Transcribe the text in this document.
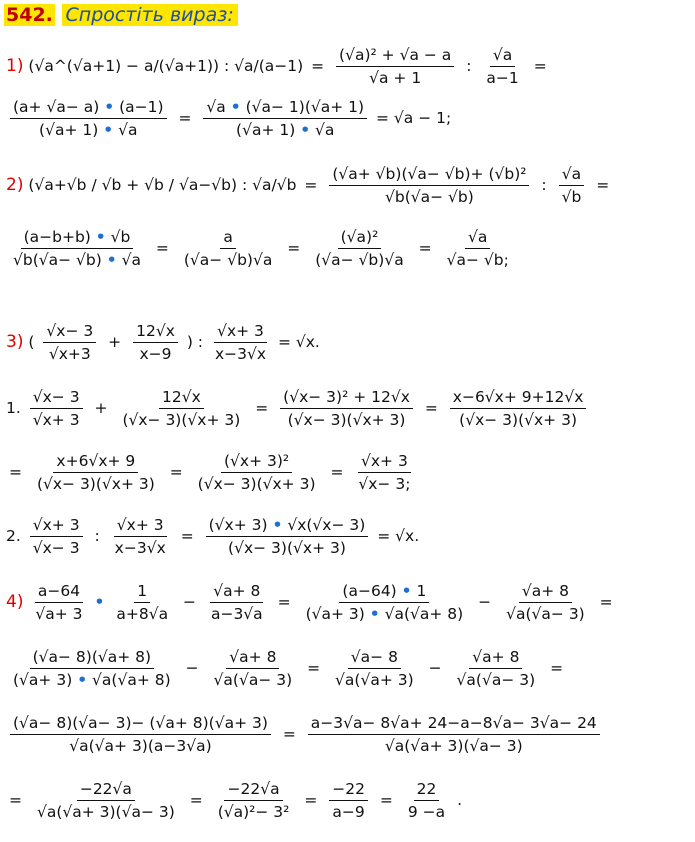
542. Спростіть вираз:
1) (√a^(√a+1) − a/(√a+1)) : $√a/(a-1) = \frac{\text{(√a)² + √a − a}}{√a + 1}$ : $\frac{√a}{a-1}$ =
$\frac{(a+ √a- a) • (a-1)}{(√a+ 1) • √a} = \frac{√a • (√a- 1)(√a+ 1)}{(√a+ 1) • √a} = √a - 1$;
2) (√a+√b / √b + √b / √a−√b) : $√a/√b = \frac{\text{(√a+ √b)(√a− √b)+ (√b)²}}{√b(√a- √b)}$ : $\frac{√a}{√b}$ =
$\frac{(a-b+b) • √b}{√b(√a- √b) • √a} = \frac{a}{(√a- √b)√a} = \frac{\text{(√a)²}}{(√a- √b)√a} = \frac{√a}{√a- √b;}$
3) ( $\frac{√x- 3}{√x+3} + \frac{12√x}{x-9}$ ) : $\frac{√x+ 3}{x-3√x} = √x$.
1. $\frac{√x- 3}{√x+ 3} + \frac{12√x}{(√x- 3)(√x+ 3)} = \frac{\text{(√x− 3)² + 12√x}}{(√x- 3)(√x+ 3)} = \frac{x-6√x+ 9+12√x}{(√x- 3)(√x+ 3)}$
= $\frac{x+6√x+ 9}{(√x- 3)(√x+ 3)} = \frac{\text{(√x+ 3)²}}{(√x- 3)(√x+ 3)} = \frac{√x+ 3}{√x- 3;}$
2. $\frac{√x+ 3}{√x- 3}$ : $\frac{√x+ 3}{x-3√x} = \frac{(√x+ 3) • √x(√x- 3)}{(√x- 3)(√x+ 3)} = √x$.
$4) \frac{a-64}{√a+ 3}$ • $\frac{1}{a+8√a} - \frac{√a+ 8}{a-3√a} = \frac{(a-64) • 1}{(√a+ 3) • √a(√a+ 8)} - \frac{√a+ 8}{√a(√a- 3)}$ =
$\frac{(√a- 8)(√a+ 8)}{(√a+ 3) • √a(√a+ 8)} - \frac{√a+ 8}{√a(√a- 3)} = \frac{√a- 8}{√a(√a+ 3)} - \frac{√a+ 8}{√a(√a- 3)}$ =
$\frac{(√a- 8)(√a- 3)- (√a+ 8)(√a+ 3)}{√a(√a+ 3)(a-3√a)} = \frac{a-3√a- 8√a+ 24-a-8√a- 3√a- 24}{√a(√a+ 3)(√a- 3)}$
= $\frac{-22√a}{√a(√a+ 3)(√a- 3)} = \frac{-22√a}{\text{(√a)²− 3²}} = \frac{-22}{a-9} = \frac{22}{9 -a}$ .
